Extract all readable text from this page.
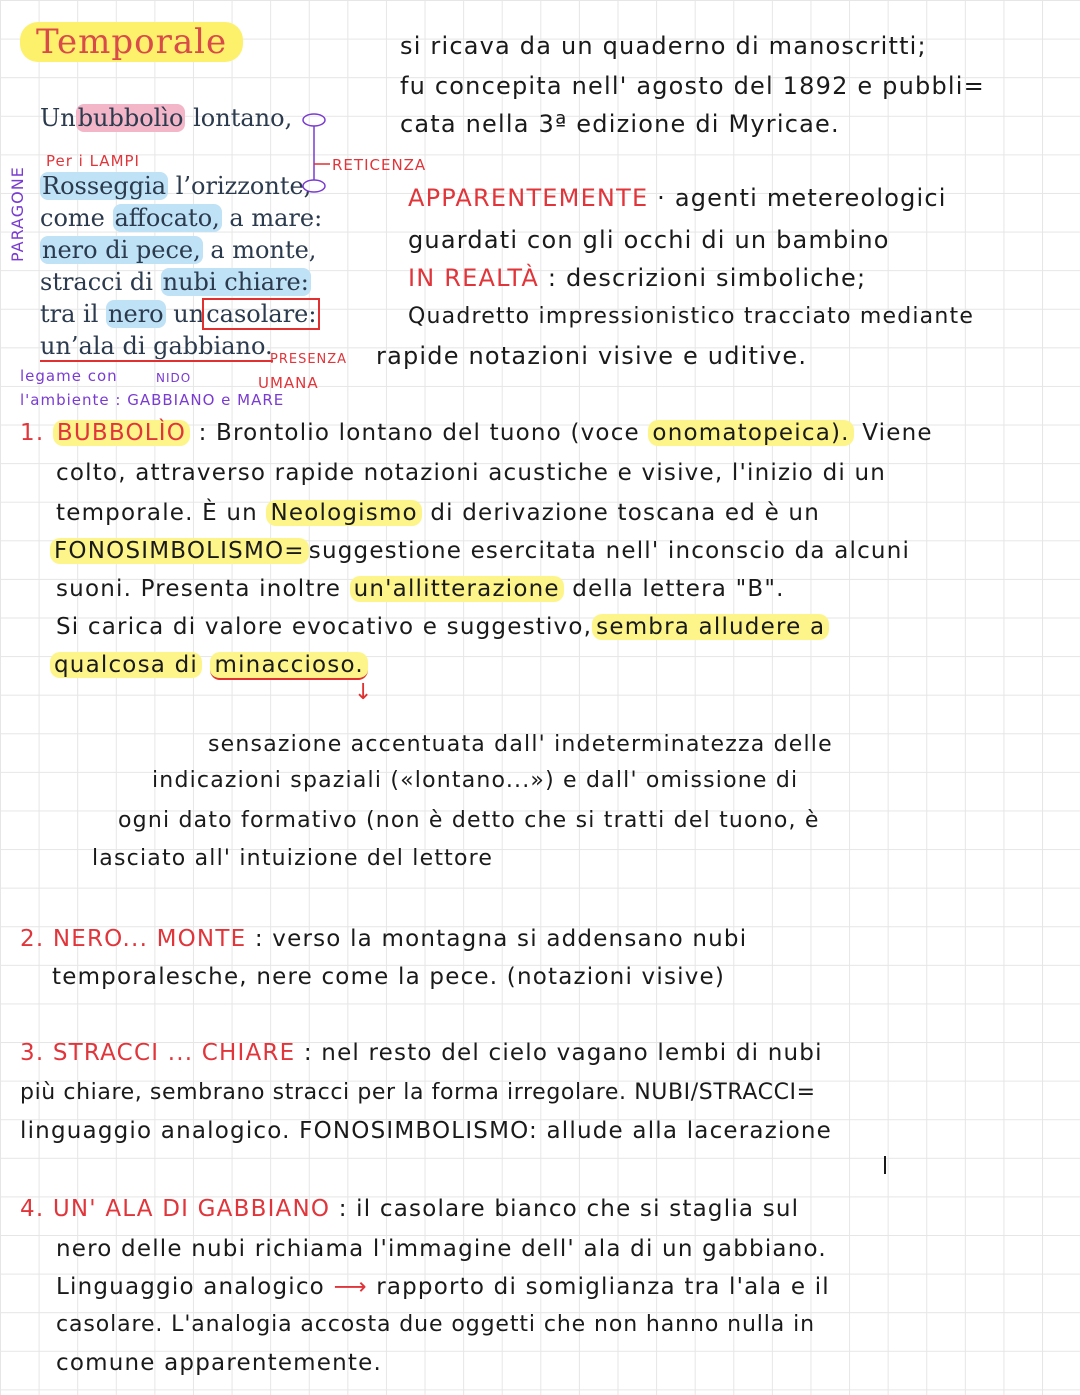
Temporale	si ricava da un quaderno di manoscritti;
fu concepita nell' agosto del 1892 e pubbli=
cata nella 3ª edizione di Myricae.
Unbubbolìo lontano,
RETICENZA
Per i LAMPI
PARAGONE Rosseggia l’orizzonte,
come affocato, a mare:
nero di pece, a monte,
stracci di nubi chiare:
tra il nero uncasolare:
un’ala di gabbiano.
PRESENZA
UMANA
legame con	NIDO
l'ambiente : GABBIANO e MARE
APPARENTEMENTE · agenti metereologici
guardati con gli occhi di un bambino
IN REALTÀ : descrizioni simboliche;
Quadretto impressionistico tracciato mediante
rapide notazioni visive e uditive.
1. BUBBOLÌO : Brontolio lontano del tuono (voce onomatopeica). Viene
colto, attraverso rapide notazioni acustiche e visive, l'inizio di un
temporale. È un Neologismo di derivazione toscana ed è un
FONOSIMBOLISMO= suggestione esercitata nell' inconscio da alcuni
suoni. Presenta inoltre un'allitterazione della lettera "B".
Si carica di valore evocativo e suggestivo, sembra alludere a
qualcosa di minaccioso.
↓
sensazione accentuata dall' indeterminatezza delle
indicazioni spaziali («lontano...») e dall' omissione di
ogni dato formativo (non è detto che si tratti del tuono, è
lasciato all' intuizione del lettore
2. NERO... MONTE : verso la montagna si addensano nubi
temporalesche, nere come la pece. (notazioni visive)
3. STRACCI ... CHIARE : nel resto del cielo vagano lembi di nubi
più chiare, sembrano stracci per la forma irregolare. NUBI/STRACCI=
linguaggio analogico. FONOSIMBOLISMO: allude alla lacerazione
4. UN' ALA DI GABBIANO : il casolare bianco che si staglia sul
nero delle nubi richiama l'immagine dell' ala di un gabbiano.
Linguaggio analogico ⟶ rapporto di somiglianza tra l'ala e il
casolare. L'analogia accosta due oggetti che non hanno nulla in
comune apparentemente.
